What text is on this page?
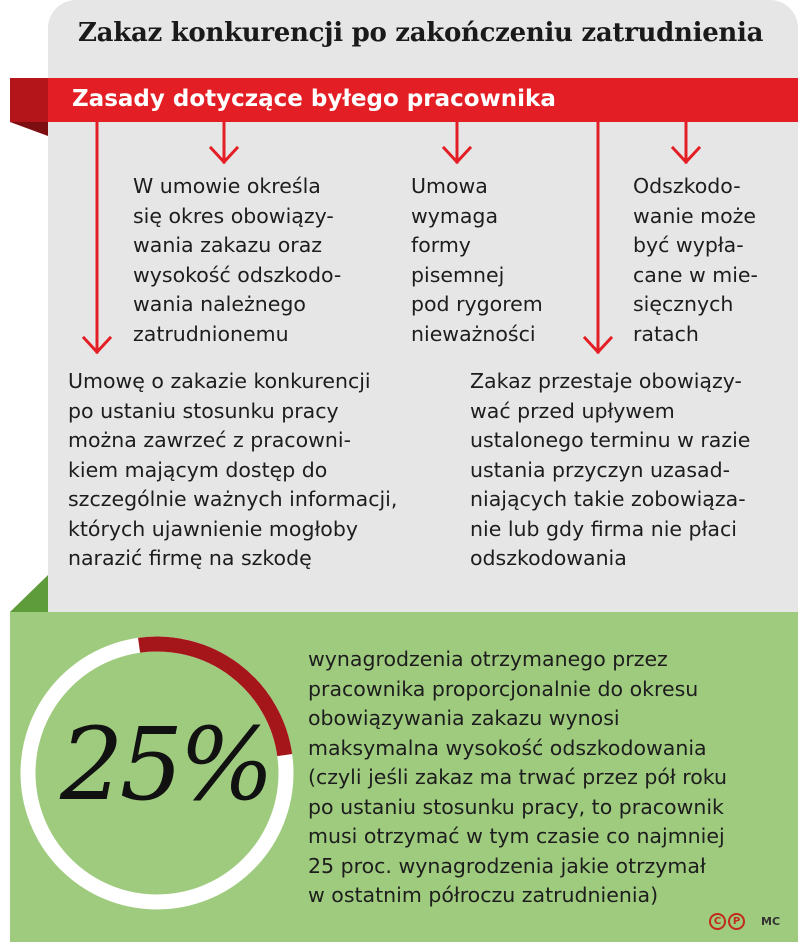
Zakaz konkurencji po zakończeniu zatrudnienia
Zasady dotyczące byłego pracownika

W umowie określa
się okres obowiązy-
wania zakazu oraz
wysokość odszkodo-
wania należnego
zatrudnionemu

Umowa
wymaga
formy
pisemnej
pod rygorem
nieważności

Odszkodo-
wanie może
być wypła-
cane w mie-
sięcznych
ratach

Umowę o zakazie konkurencji
po ustaniu stosunku pracy
można zawrzeć z pracowni-
kiem mającym dostęp do
szczególnie ważnych informacji,
których ujawnienie mogłoby
narazić firmę na szkodę

Zakaz przestaje obowiązy-
wać przed upływem
ustalonego terminu w razie
ustania przyczyn uzasad-
niających takie zobowiąza-
nie lub gdy firma nie płaci
odszkodowania

25%

wynagrodzenia otrzymanego przez
pracownika proporcjonalnie do okresu
obowiązywania zakazu wynosi
maksymalna wysokość odszkodowania
(czyli jeśli zakaz ma trwać przez pół roku
po ustaniu stosunku pracy, to pracownik
musi otrzymać w tym czasie co najmniej
25 proc. wynagrodzenia jakie otrzymał
w ostatnim półroczu zatrudnienia)

C	P	MC
